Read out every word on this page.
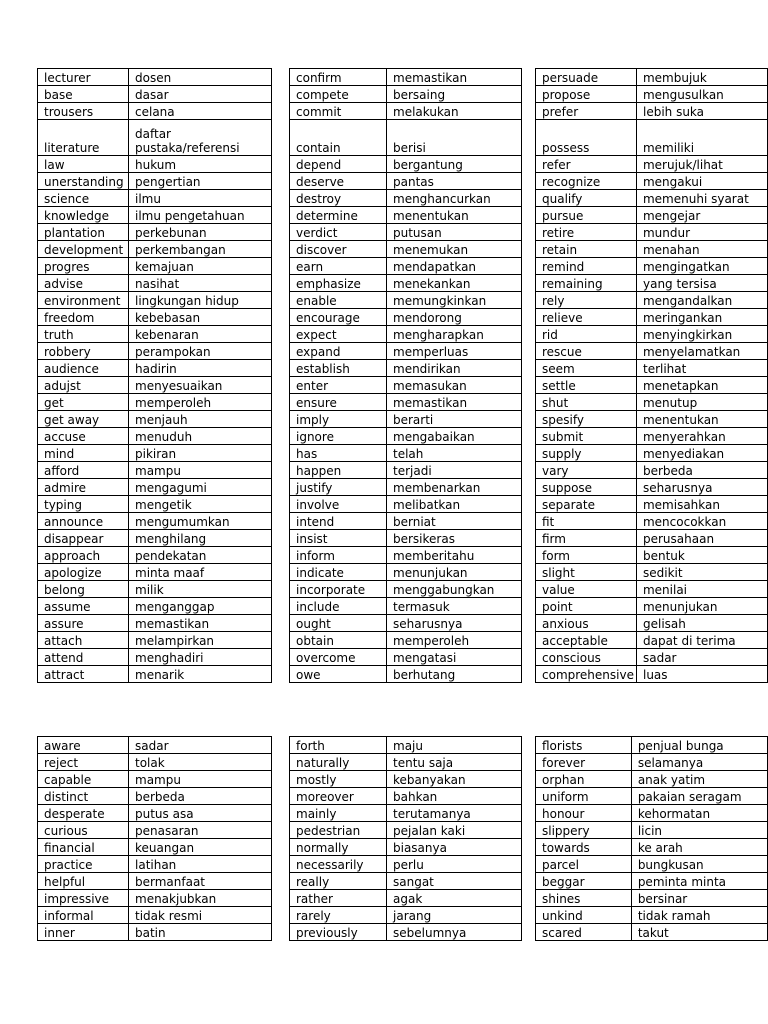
lecturer	dosen
base	dasar
trousers	celana
literature	daftar pustaka/referensi
law	hukum
unerstanding	pengertian
science	ilmu
knowledge	ilmu pengetahuan
plantation	perkebunan
development	perkembangan
progres	kemajuan
advise	nasihat
environment	lingkungan hidup
freedom	kebebasan
truth	kebenaran
robbery	perampokan
audience	hadirin
adujst	menyesuaikan
get	memperoleh
get away	menjauh
accuse	menuduh
mind	pikiran
afford	mampu
admire	mengagumi
typing	mengetik
announce	mengumumkan
disappear	menghilang
approach	pendekatan
apologize	minta maaf
belong	milik
assume	menganggap
assure	memastikan
attach	melampirkan
attend	menghadiri
attract	menarik
confirm	memastikan
compete	bersaing
commit	melakukan
contain	berisi
depend	bergantung
deserve	pantas
destroy	menghancurkan
determine	menentukan
verdict	putusan
discover	menemukan
earn	mendapatkan
emphasize	menekankan
enable	memungkinkan
encourage	mendorong
expect	mengharapkan
expand	memperluas
establish	mendirikan
enter	memasukan
ensure	memastikan
imply	berarti
ignore	mengabaikan
has	telah
happen	terjadi
justify	membenarkan
involve	melibatkan
intend	berniat
insist	bersikeras
inform	memberitahu
indicate	menunjukan
incorporate	menggabungkan
include	termasuk
ought	seharusnya
obtain	memperoleh
overcome	mengatasi
owe	berhutang
persuade	membujuk
propose	mengusulkan
prefer	lebih suka
possess	memiliki
refer	merujuk/lihat
recognize	mengakui
qualify	memenuhi syarat
pursue	mengejar
retire	mundur
retain	menahan
remind	mengingatkan
remaining	yang tersisa
rely	mengandalkan
relieve	meringankan
rid	menyingkirkan
rescue	menyelamatkan
seem	terlihat
settle	menetapkan
shut	menutup
spesify	menentukan
submit	menyerahkan
supply	menyediakan
vary	berbeda
suppose	seharusnya
separate	memisahkan
fit	mencocokkan
firm	perusahaan
form	bentuk
slight	sedikit
value	menilai
point	menunjukan
anxious	gelisah
acceptable	dapat di terima
conscious	sadar
comprehensive	luas
aware	sadar
reject	tolak
capable	mampu
distinct	berbeda
desperate	putus asa
curious	penasaran
financial	keuangan
practice	latihan
helpful	bermanfaat
impressive	menakjubkan
informal	tidak resmi
inner	batin
forth	maju
naturally	tentu saja
mostly	kebanyakan
moreover	bahkan
mainly	terutamanya
pedestrian	pejalan kaki
normally	biasanya
necessarily	perlu
really	sangat
rather	agak
rarely	jarang
previously	sebelumnya
florists	penjual bunga
forever	selamanya
orphan	anak yatim
uniform	pakaian seragam
honour	kehormatan
slippery	licin
towards	ke arah
parcel	bungkusan
beggar	peminta minta
shines	bersinar
unkind	tidak ramah
scared	takut
